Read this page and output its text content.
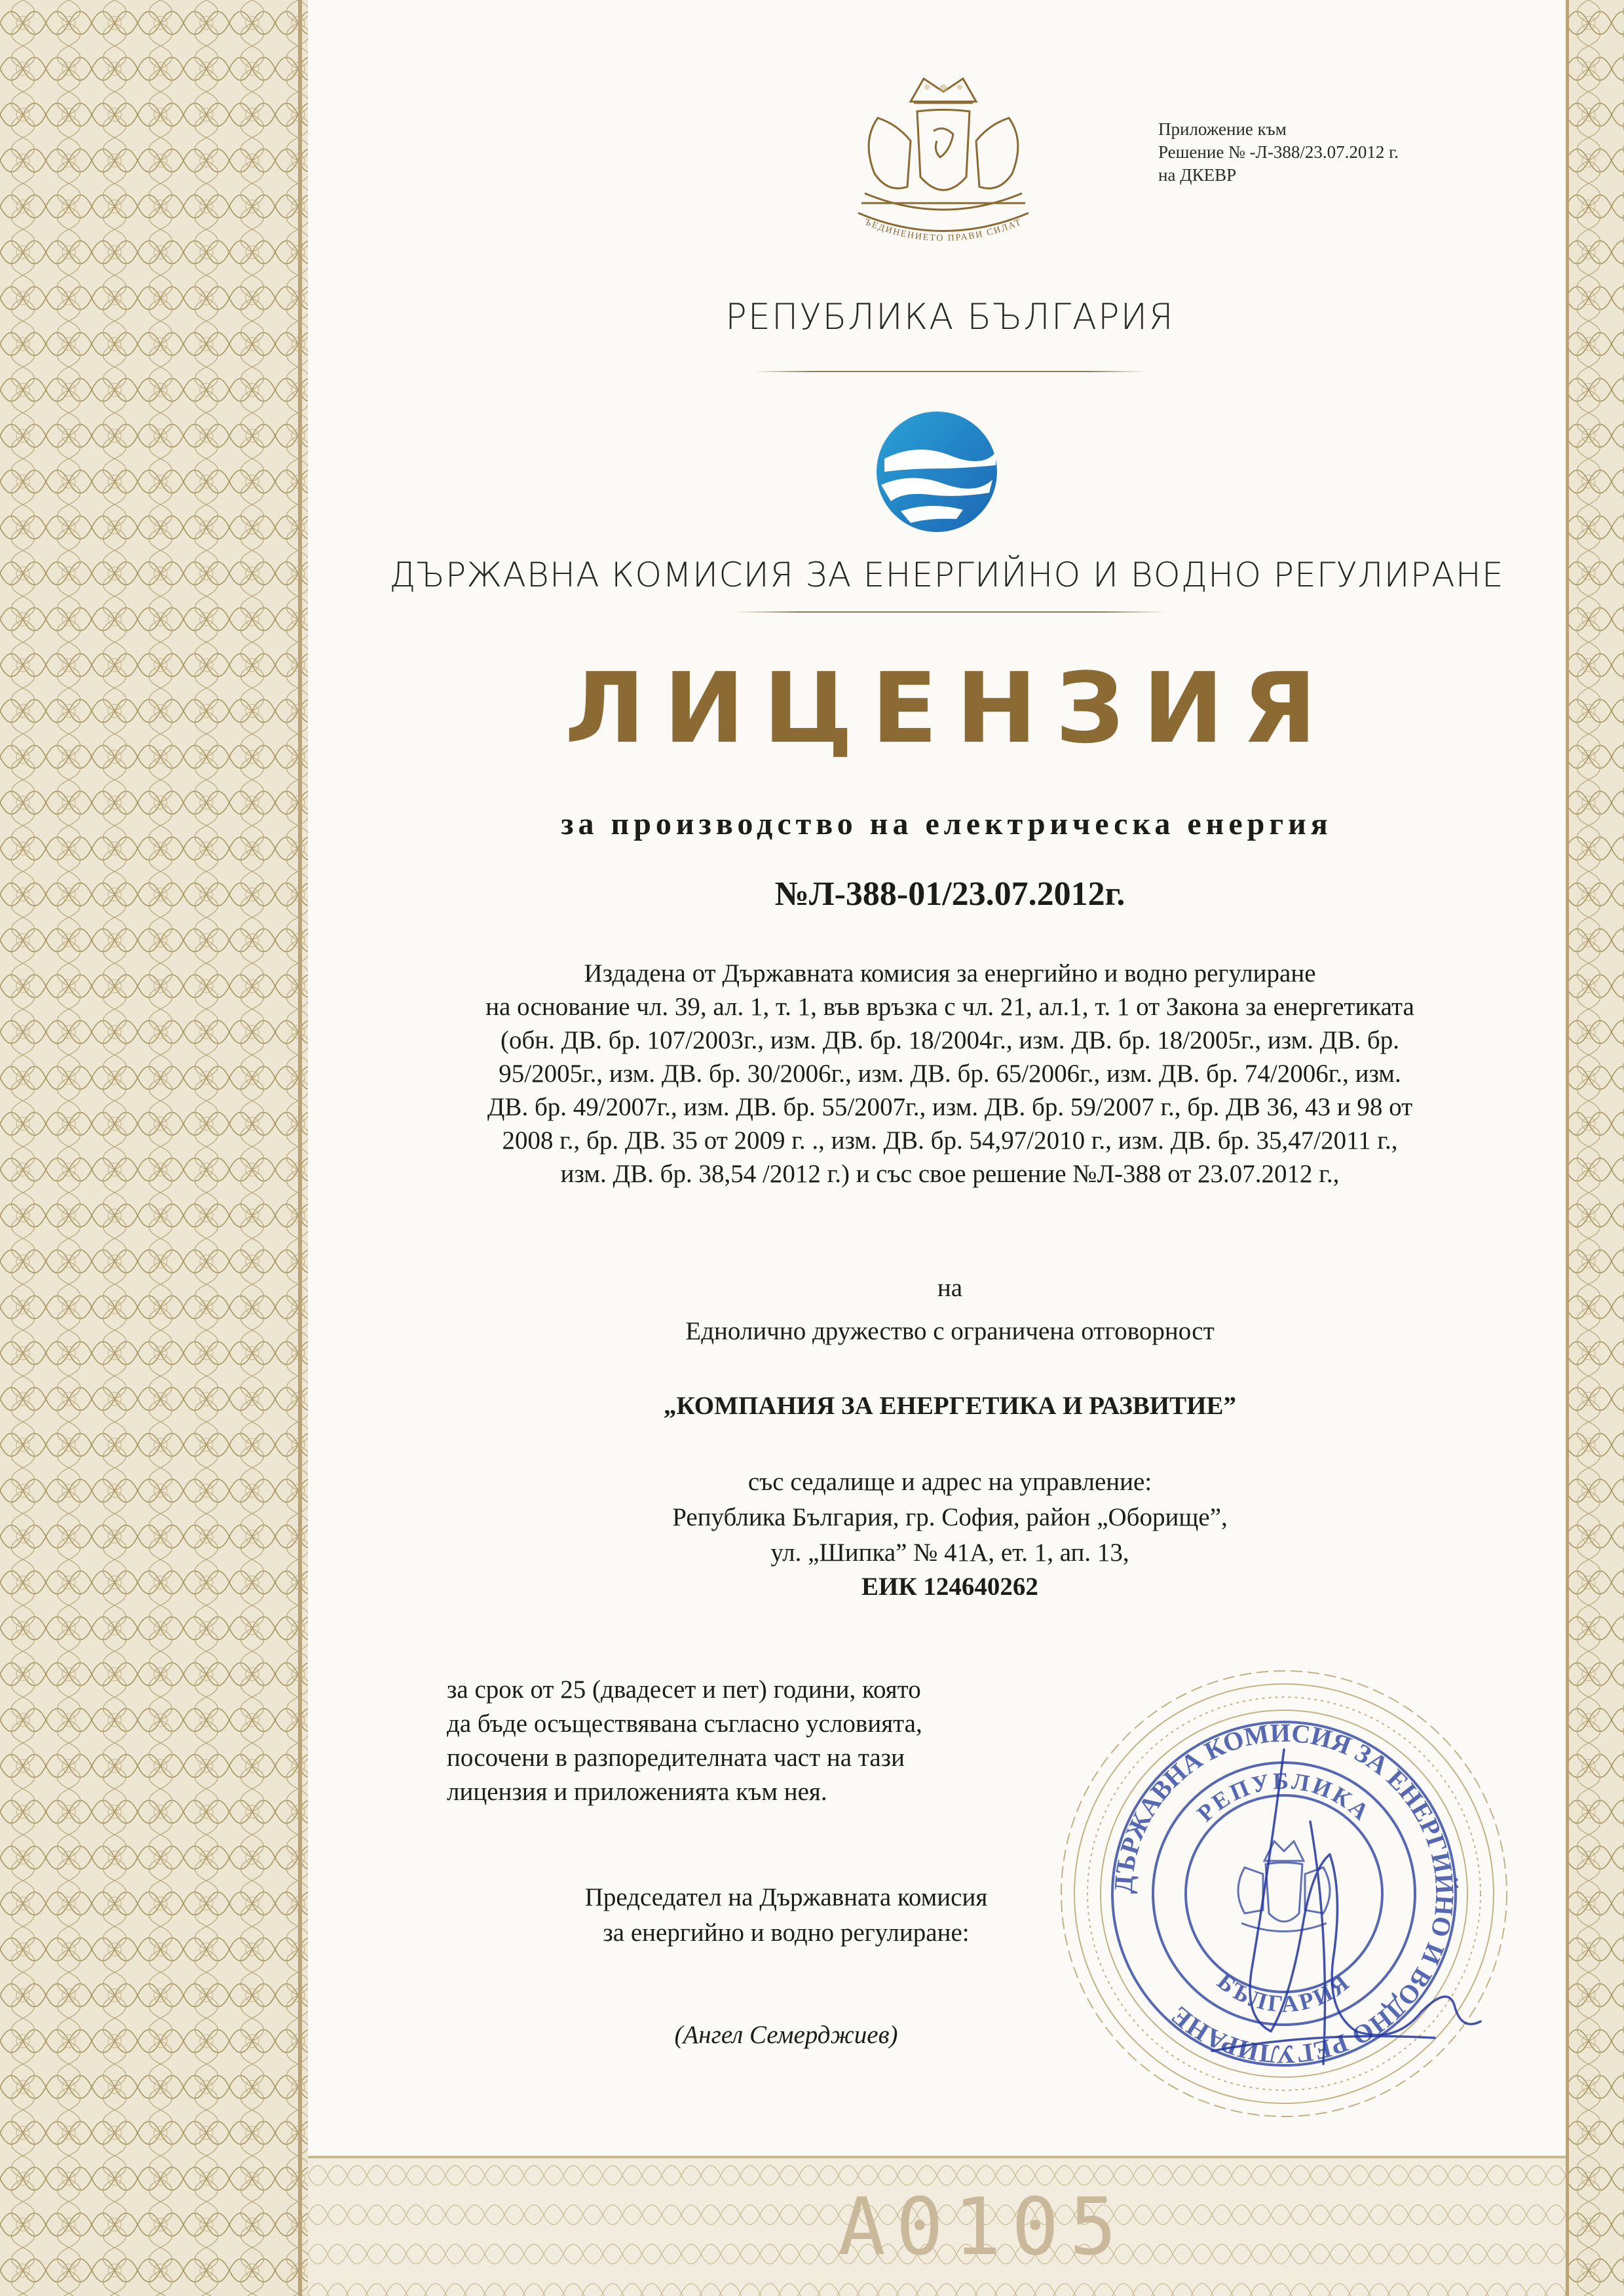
ЪЕДИНЕНИЕТО ПРАВИ СИЛАТ
Приложение към
Решение № -Л-388/23.07.2012 г.
на ДКЕВР
РЕПУБЛИКА БЪЛГАРИЯ
ДЪРЖАВНА КОМИСИЯ ЗА ЕНЕРГИЙНО И ВОДНО РЕГУЛИРАНЕ
ЛИЦЕНЗИЯ
за производство на електрическа енергия
№Л-388-01/23.07.2012г.
Издадена от Държавната комисия за енергийно и водно регулиране
на основание чл. 39, ал. 1, т. 1, във връзка с чл. 21, ал.1, т. 1 от Закона за енергетиката
(обн. ДВ. бр. 107/2003г., изм. ДВ. бр. 18/2004г., изм. ДВ. бр. 18/2005г., изм. ДВ. бр.
95/2005г., изм. ДВ. бр. 30/2006г., изм. ДВ. бр. 65/2006г., изм. ДВ. бр. 74/2006г., изм.
ДВ. бр. 49/2007г., изм. ДВ. бр. 55/2007г., изм. ДВ. бр. 59/2007 г., бр. ДВ 36, 43 и 98 от
2008 г., бр. ДВ. 35 от 2009 г. ., изм. ДВ. бр. 54,97/2010 г., изм. ДВ. бр. 35,47/2011 г.,
изм. ДВ. бр. 38,54 /2012 г.) и със свое решение №Л-388 от 23.07.2012 г.,
на
Еднолично дружество с ограничена отговорност
„КОМПАНИЯ ЗА ЕНЕРГЕТИКА И РАЗВИТИЕ”
със седалище и адрес на управление:
Република България, гр. София, район „Оборище”,
ул. „Шипка” № 41А, ет. 1, ап. 13,
ЕИК 124640262
за срок от 25 (двадесет и пет) години, която
да бъде осъществявана съгласно условията,
посочени в разпоредителната част на тази
лицензия и приложенията към нея.
Председател на Държавната комисия
за енергийно и водно регулиране:
(Ангел Семерджиев)
ДЪРЖАВНА КОМИСИЯ ЗА ЕНЕРГИЙНО И ВОДНО РЕГУЛИРАНЕ
РЕПУБЛИКА
БЪЛГАРИЯ
A0105
